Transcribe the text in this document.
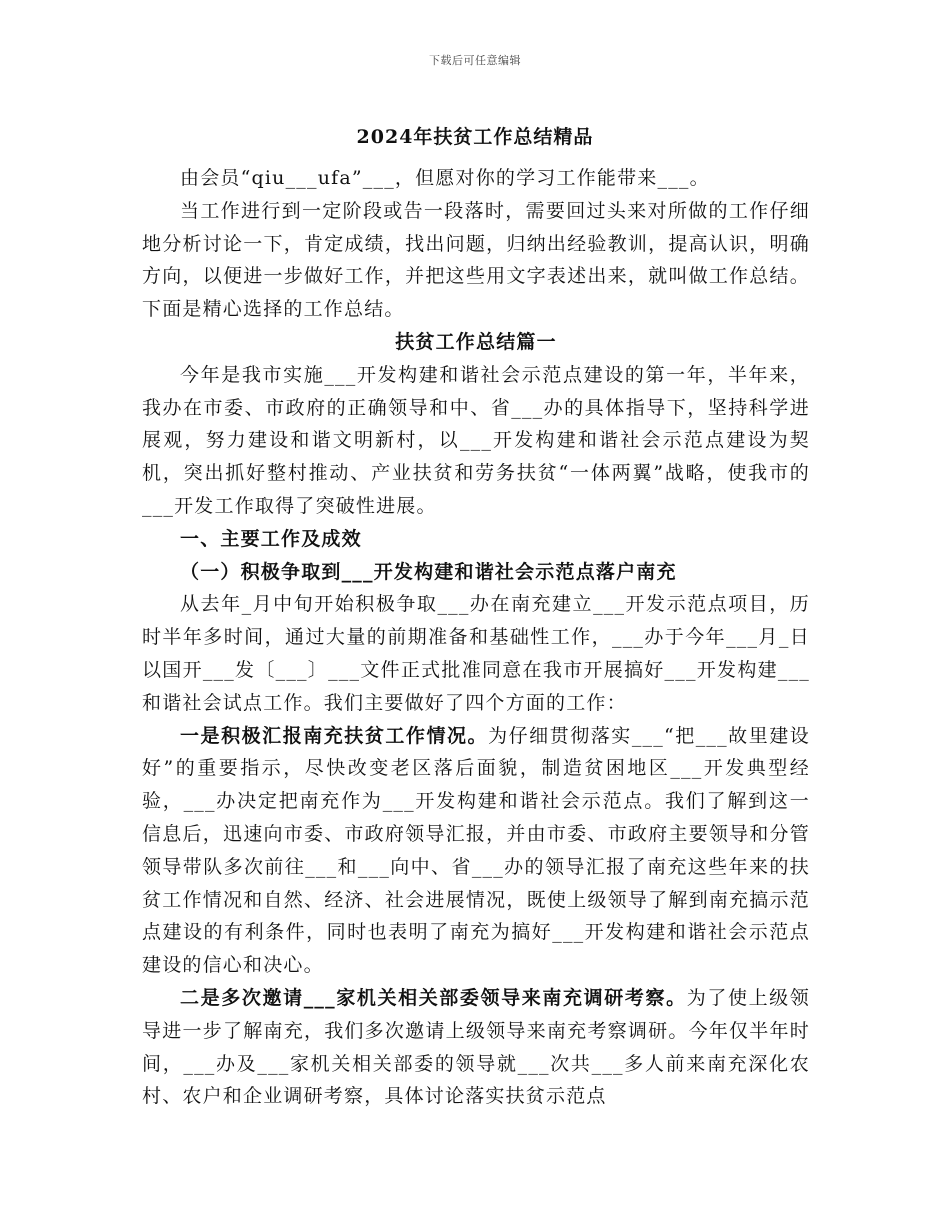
下载后可任意编辑
2024年扶贫工作总结精品

由会员“qiu___ufa”___，但愿对你的学习工作能带来___。

当工作进行到一定阶段或告一段落时，需要回过头来对所做的工作仔细地分析讨论一下，肯定成绩，找出问题，归纳出经验教训，提高认识，明确方向，以便进一步做好工作，并把这些用文字表述出来，就叫做工作总结。下面是精心选择的工作总结。

扶贫工作总结篇一

今年是我市实施___开发构建和谐社会示范点建设的第一年，半年来，我办在市委、市政府的正确领导和中、省___办的具体指导下，坚持科学进展观，努力建设和谐文明新村，以___开发构建和谐社会示范点建设为契机，突出抓好整村推动、产业扶贫和劳务扶贫“一体两翼”战略，使我市的___开发工作取得了突破性进展。

一、主要工作及成效

（一）积极争取到___开发构建和谐社会示范点落户南充

从去年_月中旬开始积极争取___办在南充建立___开发示范点项目，历时半年多时间，通过大量的前期准备和基础性工作，___办于今年___月_日以国开___发〔___〕___文件正式批准同意在我市开展搞好___开发构建___和谐社会试点工作。我们主要做好了四个方面的工作：

一是积极汇报南充扶贫工作情况。为仔细贯彻落实___“把___故里建设好”的重要指示，尽快改变老区落后面貌，制造贫困地区___开发典型经验，___办决定把南充作为___开发构建和谐社会示范点。我们了解到这一信息后，迅速向市委、市政府领导汇报，并由市委、市政府主要领导和分管领导带队多次前往___和___向中、省___办的领导汇报了南充这些年来的扶贫工作情况和自然、经济、社会进展情况，既使上级领导了解到南充搞示范点建设的有利条件，同时也表明了南充为搞好___开发构建和谐社会示范点建设的信心和决心。

二是多次邀请___家机关相关部委领导来南充调研考察。为了使上级领导进一步了解南充，我们多次邀请上级领导来南充考察调研。今年仅半年时间，___办及___家机关相关部委的领导就___次共___多人前来南充深化农村、农户和企业调研考察，具体讨论落实扶贫示范点
